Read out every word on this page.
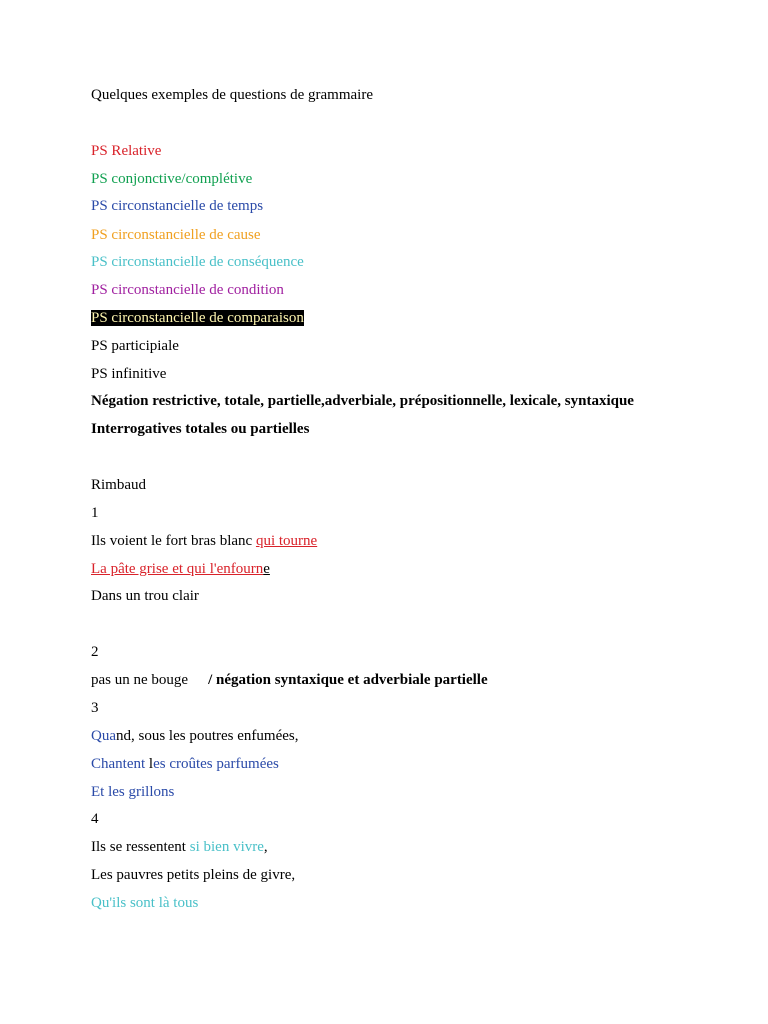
Quelques exemples de questions de grammaire
PS Relative
PS conjonctive/complétive
PS circonstancielle de temps
PS circonstancielle de cause
PS circonstancielle de conséquence
PS circonstancielle de condition
PS circonstancielle de comparaison
PS participiale
PS infinitive
Négation restrictive, totale, partielle,adverbiale, prépositionnelle, lexicale, syntaxique
Interrogatives totales ou partielles
Rimbaud
1
Ils voient le fort bras blanc qui tourne
La pâte grise et qui l'enfourne
Dans un trou clair
2
pas un ne bouge / négation syntaxique et adverbiale partielle
3
Quand, sous les poutres enfumées,
Chantent les croûtes parfumées
Et les grillons
4
Ils se ressentent si bien vivre,
Les pauvres petits pleins de givre,
Qu'ils sont là tous
